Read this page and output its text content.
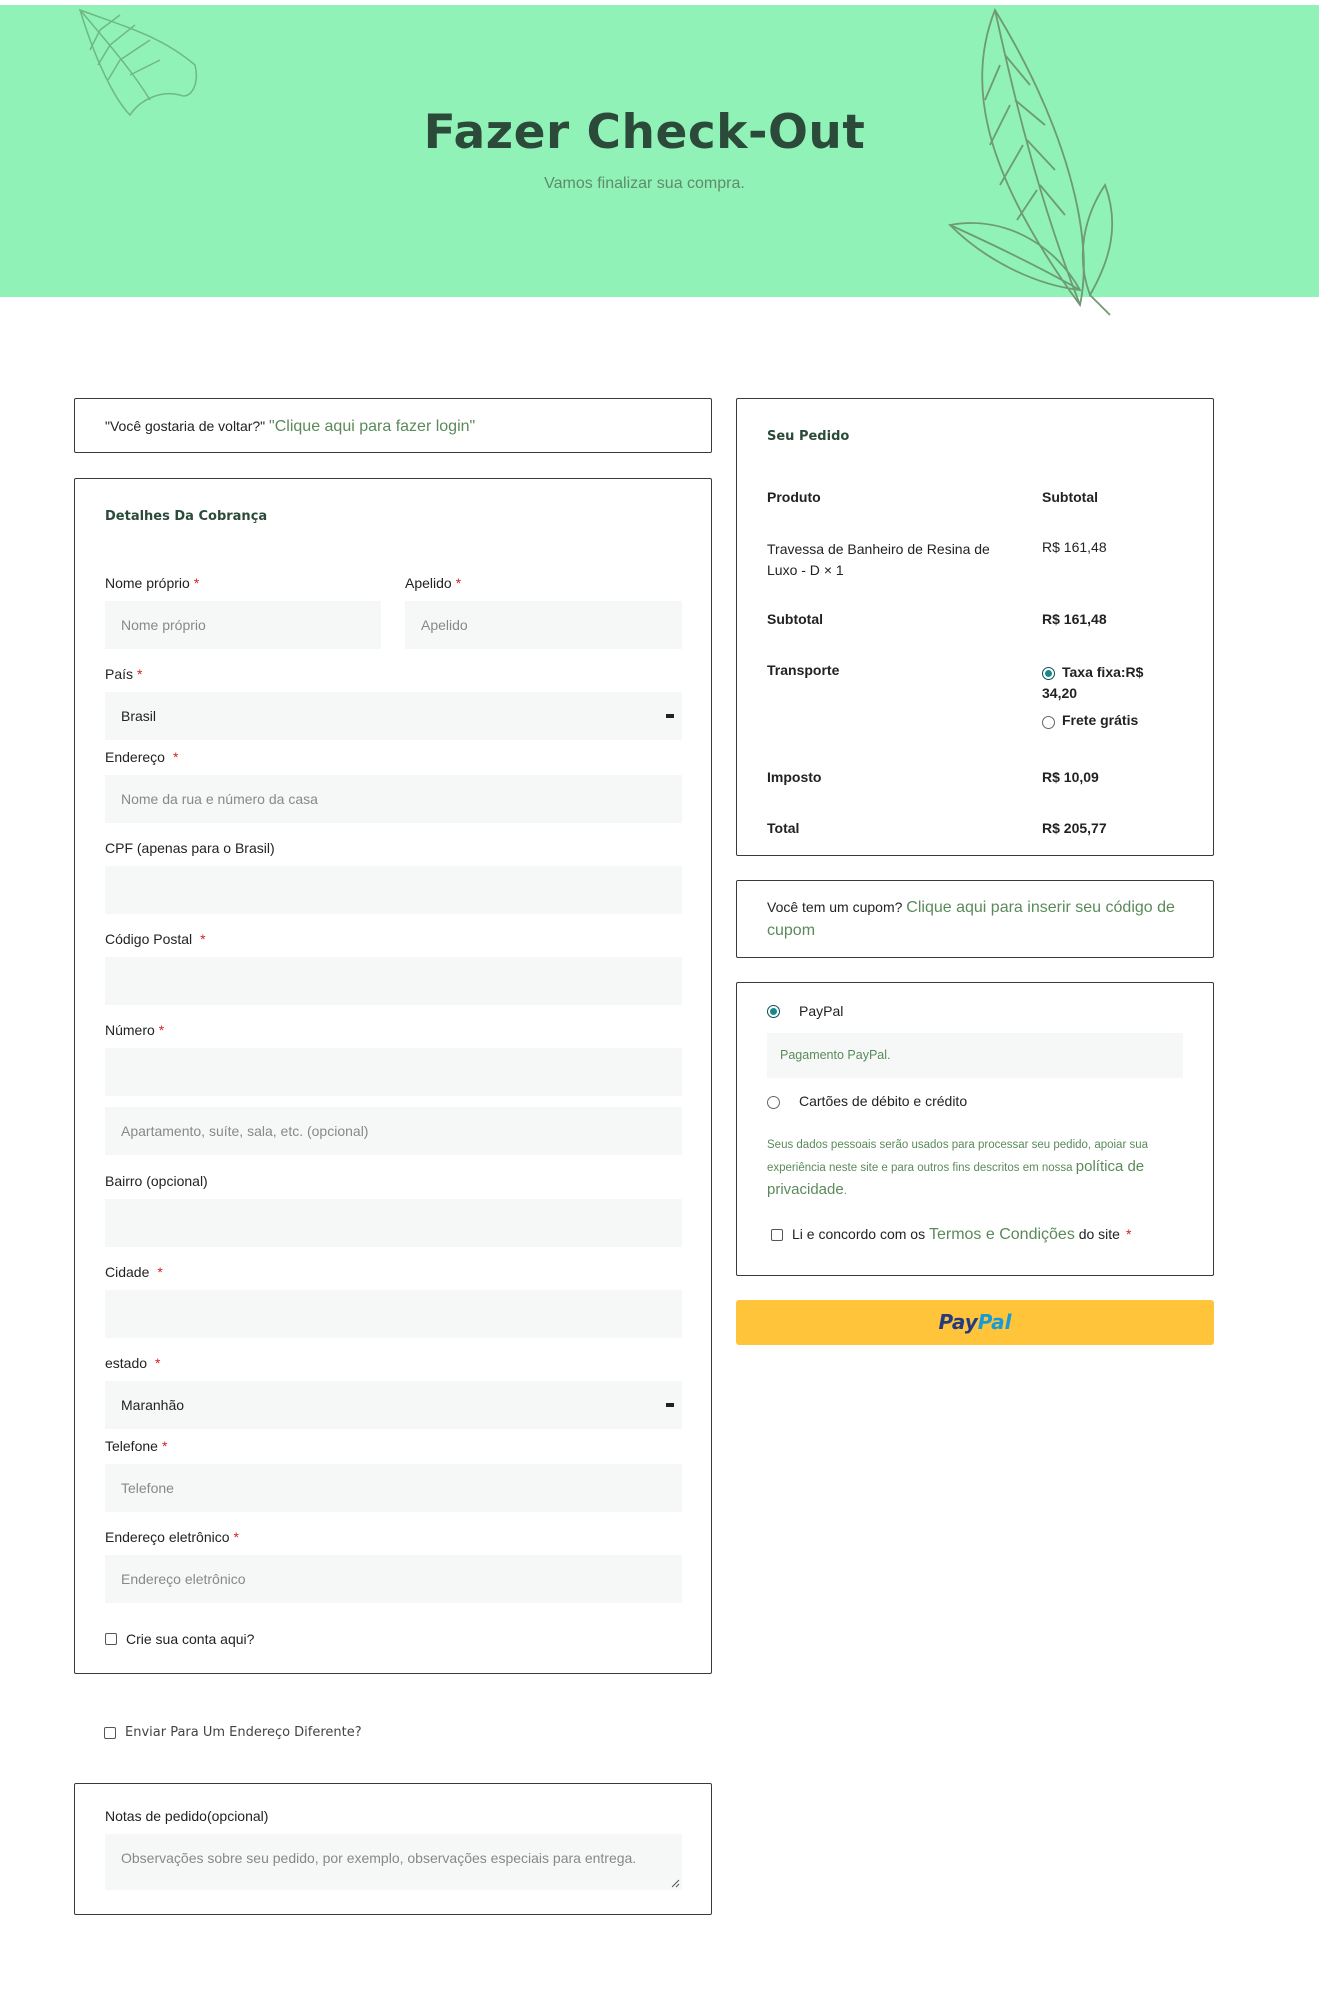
Fazer Check-Out
Vamos finalizar sua compra.
"Você gostaria de voltar?" "Clique aqui para fazer login"
Detalhes Da Cobrança
Nome próprio *
Nome próprio
Apelido *
Apelido
País *
Brasil
Endereço *
Nome da rua e número da casa
CPF (apenas para o Brasil)
Código Postal *
Número *
Apartamento, suíte, sala, etc. (opcional)
Bairro (opcional)
Cidade *
estado *
Maranhão
Telefone *
Telefone
Endereço eletrônico *
Endereço eletrônico
Crie sua conta aqui?
Enviar Para Um Endereço Diferente?
Notas de pedido(opcional)
Observações sobre seu pedido, por exemplo, observações especiais para entrega.
Seu Pedido
Produto	Subtotal
Travessa de Banheiro de Resina de Luxo - D × 1
R$ 161,48
Subtotal	R$ 161,48
Transporte	Taxa fixa:R$ 34,20
Frete grátis
Imposto	R$ 10,09
Total	R$ 205,77
Você tem um cupom? Clique aqui para inserir seu código de cupom
PayPal
Pagamento PayPal.
Cartões de débito e crédito
Seus dados pessoais serão usados para processar seu pedido, apoiar sua experiência neste site e para outros fins descritos em nossa política de privacidade.
Li e concordo com os Termos e Condições do site *
PayPal
